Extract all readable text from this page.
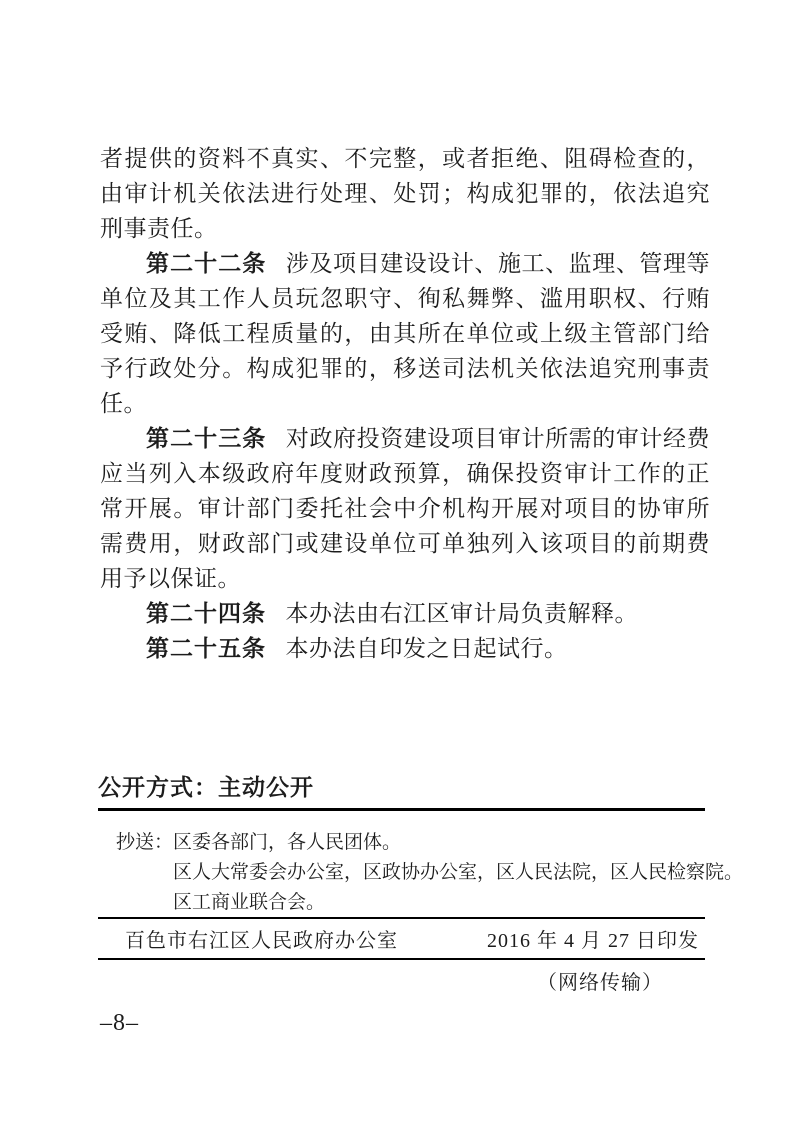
者提供的资料不真实、不完整，或者拒绝、阻碍检查的，由审计机关依法进行处理、处罚；构成犯罪的，依法追究刑事责任。

第二十二条 涉及项目建设设计、施工、监理、管理等单位及其工作人员玩忽职守、徇私舞弊、滥用职权、行贿受贿、降低工程质量的，由其所在单位或上级主管部门给予行政处分。构成犯罪的，移送司法机关依法追究刑事责任。

第二十三条 对政府投资建设项目审计所需的审计经费应当列入本级政府年度财政预算，确保投资审计工作的正常开展。审计部门委托社会中介机构开展对项目的协审所需费用，财政部门或建设单位可单独列入该项目的前期费用予以保证。

第二十四条 本办法由右江区审计局负责解释。

第二十五条 本办法自印发之日起试行。

公开方式：主动公开
抄送： 区委各部门，各人民团体。
区人大常委会办公室，区政协办公室，区人民法院，区人民检察院。
区工商业联合会。
百色市右江区人民政府办公室	2016 年 4 月 27 日印发
（网络传输）
–8–
